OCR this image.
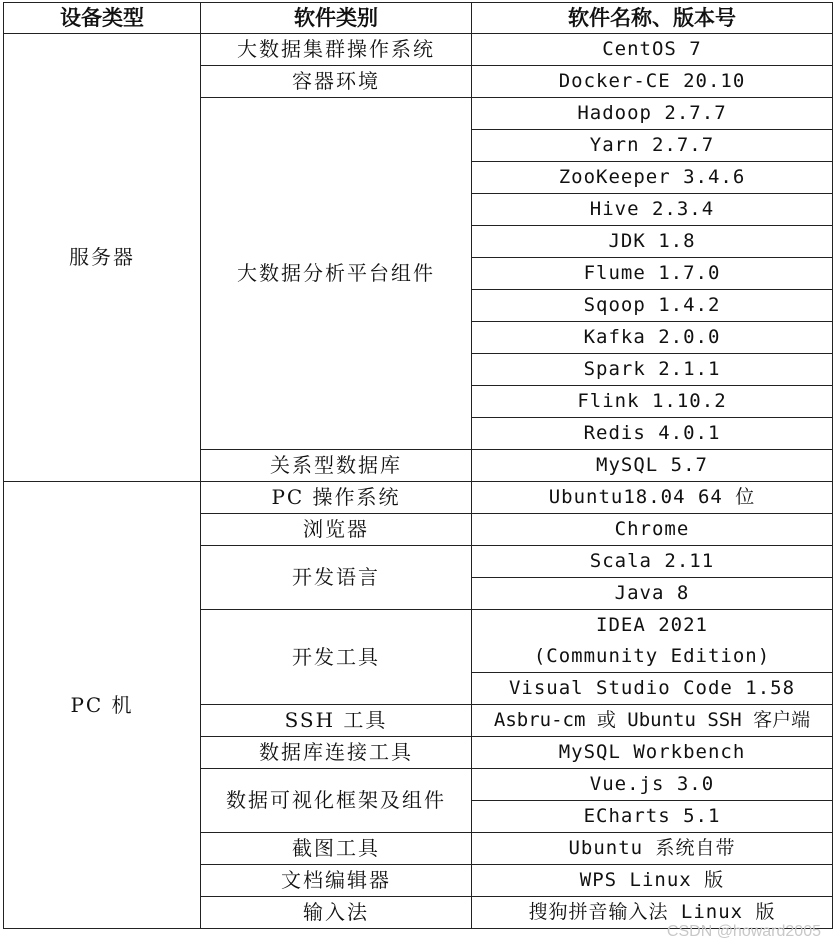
设备类型	软件类别	软件名称、版本号
服务器	大数据集群操作系统	CentOS 7
	容器环境	Docker-CE 20.10
	大数据分析平台组件	Hadoop 2.7.7
		Yarn 2.7.7
		ZooKeeper 3.4.6
		Hive 2.3.4
		JDK 1.8
		Flume 1.7.0
		Sqoop 1.4.2
		Kafka 2.0.0
		Spark 2.1.1
		Flink 1.10.2
		Redis 4.0.1
	关系型数据库	MySQL 5.7
PC 机	PC 操作系统	Ubuntu18.04 64 位
	浏览器	Chrome
	开发语言	Scala 2.11
		Java 8
	开发工具	IDEA 2021
		(Community Edition)
		Visual Studio Code 1.58
	SSH 工具	Asbru-cm 或 Ubuntu SSH 客户端
	数据库连接工具	MySQL Workbench
	数据可视化框架及组件	Vue.js 3.0
		ECharts 5.1
	截图工具	Ubuntu 系统自带
	文档编辑器	WPS Linux 版
	输入法	搜狗拼音输入法 Linux 版
CSDN @howard2005
